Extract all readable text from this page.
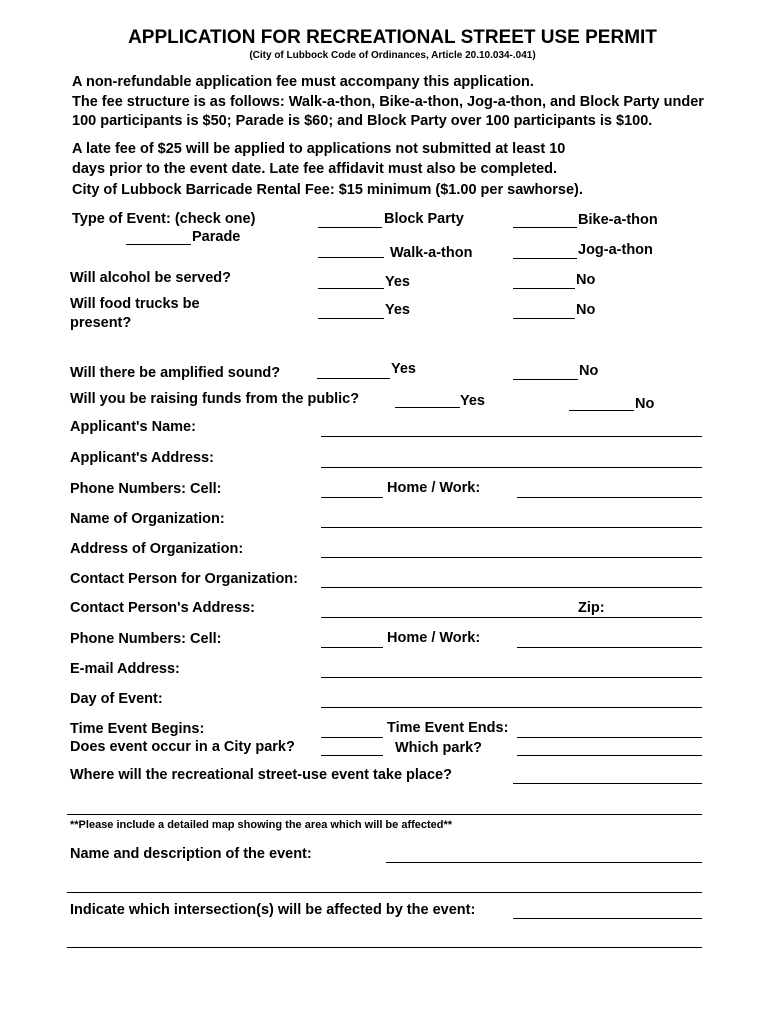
APPLICATION FOR RECREATIONAL STREET USE PERMIT
(City of Lubbock Code of Ordinances, Article 20.10.034-.041)
A non-refundable application fee must accompany this application.
The fee structure is as follows: Walk-a-thon, Bike-a-thon, Jog-a-thon, and Block Party under
100 participants is $50; Parade is $60; and Block Party over 100 participants is $100.
A late fee of $25 will be applied to applications not submitted at least 10
days prior to the event date. Late fee affidavit must also be completed.
City of Lubbock Barricade Rental Fee: $15 minimum ($1.00 per sawhorse).
Type of Event: (check one)	Block Party	Bike-a-thon
Parade
Walk-a-thon	Jog-a-thon
Will alcohol be served?	Yes	No
Will food trucks be
present?
Yes	No
Will there be amplified sound?	Yes	No
Will you be raising funds from the public?	Yes	No
Applicant's Name:
Applicant's Address:
Phone Numbers: Cell:	Home / Work:
Name of Organization:
Address of Organization:
Contact Person for Organization:
Contact Person's Address:	Zip:
Phone Numbers: Cell:	Home / Work:
E-mail Address:
Day of Event:
Time Event Begins:	Time Event Ends:
Does event occur in a City park?	Which park?
Where will the recreational street-use event take place?
**Please include a detailed map showing the area which will be affected**
Name and description of the event:
Indicate which intersection(s) will be affected by the event:
